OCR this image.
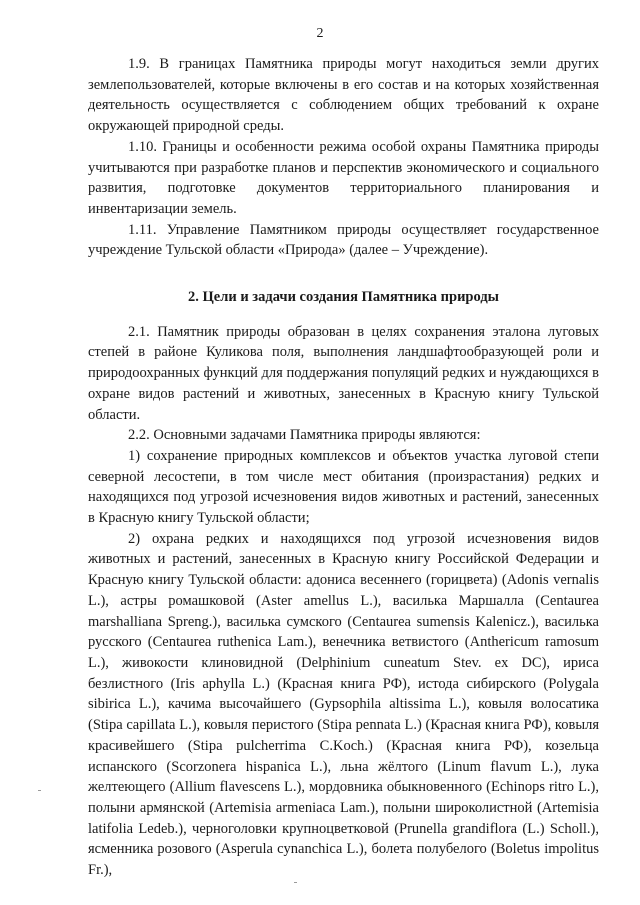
2

1.9. В границах Памятника природы могут находиться земли других землепользователей, которые включены в его состав и на которых хозяйственная деятельность осуществляется с соблюдением общих требований к охране окружающей природной среды.

1.10. Границы и особенности режима особой охраны Памятника природы учитываются при разработке планов и перспектив экономического и социального развития, подготовке документов территориального планирования и инвентаризации земель.

1.11. Управление Памятником природы осуществляет государственное учреждение Тульской области «Природа» (далее – Учреждение).

2. Цели и задачи создания Памятника природы

2.1. Памятник природы образован в целях сохранения эталона луговых степей в районе Куликова поля, выполнения ландшафтообразующей роли и природоохранных функций для поддержания популяций редких и нуждающихся в охране видов растений и животных, занесенных в Красную книгу Тульской области.

2.2. Основными задачами Памятника природы являются:

1) сохранение природных комплексов и объектов участка луговой степи северной лесостепи, в том числе мест обитания (произрастания) редких и находящихся под угрозой исчезновения видов животных и растений, занесенных в Красную книгу Тульской области;

2) охрана редких и находящихся под угрозой исчезновения видов животных и растений, занесенных в Красную книгу Российской Федерации и Красную книгу Тульской области: адониса весеннего (горицвета) (Adonis vernalis L.), астры ромашковой (Aster amellus L.), василька Маршалла (Centaurea marshalliana Spreng.), василька сумского (Centaurea sumensis Kalenicz.), василька русского (Centaurea ruthenica Lam.), венечника ветвистого (Anthericum ramosum L.), живокости клиновидной (Delphinium cuneatum Stev. ex DC), ириса безлистного (Iris aphylla L.) (Красная книга РФ), истода сибирского (Polygala sibirica L.), качима высочайшего (Gypsophila altissima L.), ковыля волосатика (Stipa capillata L.), ковыля перистого (Stipa pennata L.) (Красная книга РФ), ковыля красивейшего (Stipa pulcherrima C.Koch.) (Красная книга РФ), козельца испанского (Scorzonera hispanica L.), льна жёлтого (Linum flavum L.), лука желтеющего (Allium flavescens L.), мордовника обыкновенного (Echinops ritro L.), полыни армянской (Artemisia armeniaca Lam.), полыни широколистной (Artemisia latifolia Ledeb.), черноголовки крупноцветковой (Prunella grandiflora (L.) Scholl.), ясменника розового (Asperula cynanchica L.), болета полубелого (Boletus impolitus Fr.),
